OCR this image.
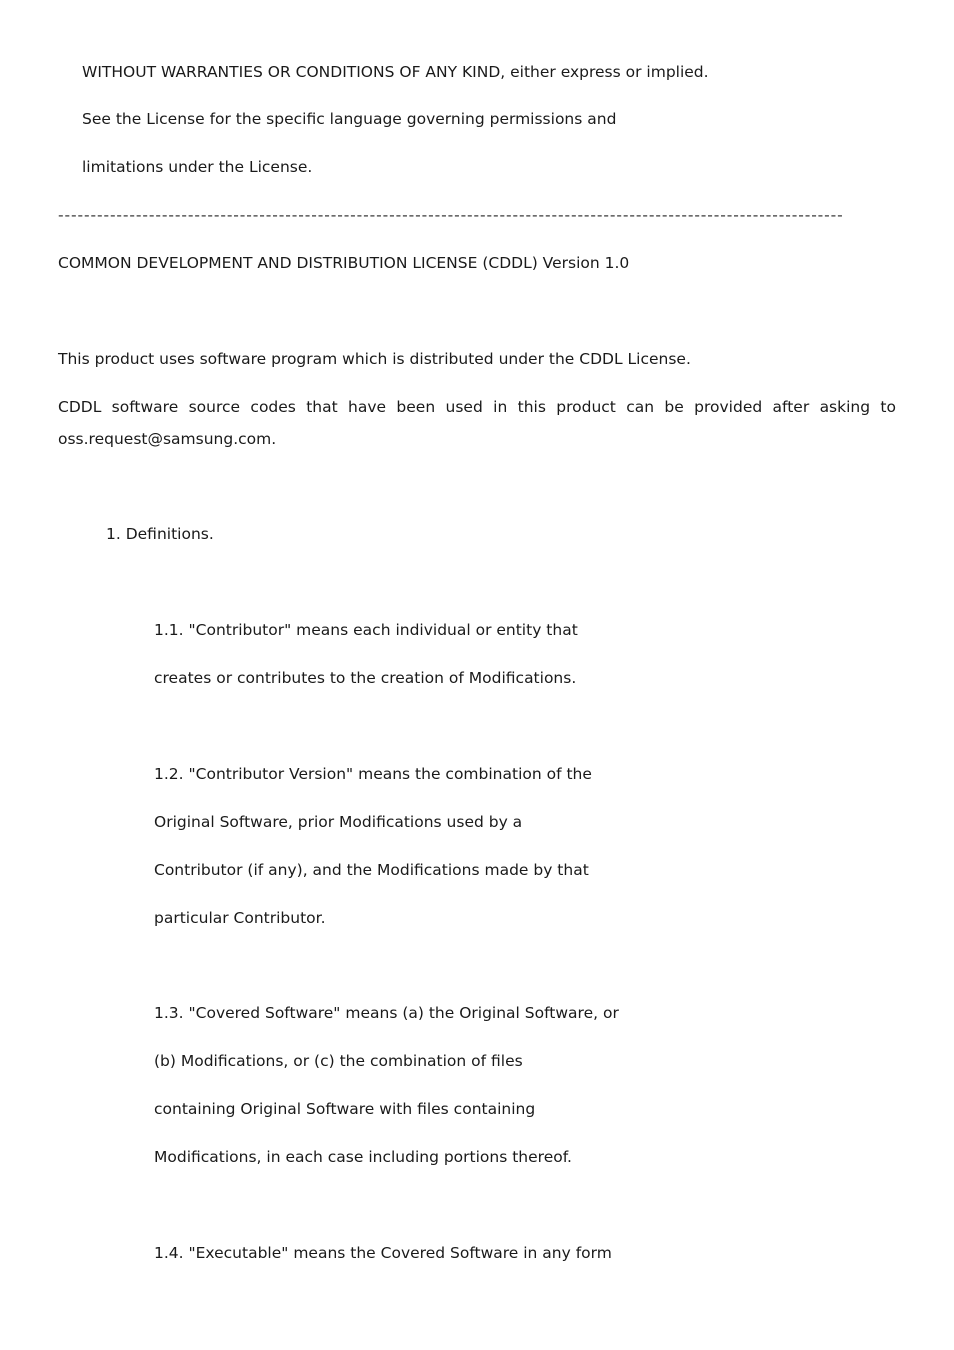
WITHOUT WARRANTIES OR CONDITIONS OF ANY KIND, either express or implied.
See the License for the specific language governing permissions and
limitations under the License.
-------------------------------------------------------------------------------------------------------------------------
COMMON DEVELOPMENT AND DISTRIBUTION LICENSE (CDDL) Version 1.0
This product uses software program which is distributed under the CDDL License.
CDDL software source codes that have been used in this product can be provided after asking to
oss.request@samsung.com.
1. Definitions.
1.1. "Contributor" means each individual or entity that
creates or contributes to the creation of Modifications.
1.2. "Contributor Version" means the combination of the
Original Software, prior Modifications used by a
Contributor (if any), and the Modifications made by that
particular Contributor.
1.3. "Covered Software" means (a) the Original Software, or
(b) Modifications, or (c) the combination of files
containing Original Software with files containing
Modifications, in each case including portions thereof.
1.4. "Executable" means the Covered Software in any form
